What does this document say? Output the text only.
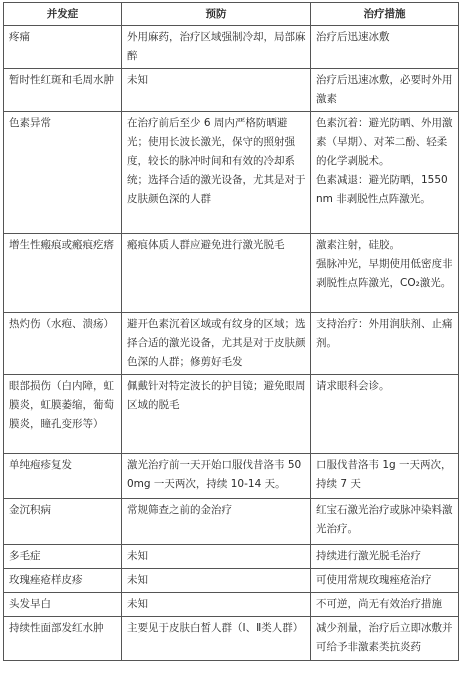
并发症	预防	治疗措施
疼痛	外用麻药，治疗区域强制冷却，局部麻醉	治疗后迅速冰敷

暂时性红斑和毛周水肿	未知	治疗后迅速冰敷，必要时外用激素

色素异常	在治疗前后至少 6 周内严格防晒避光；使用长波长激光，保守的照射强度，较长的脉冲时间和有效的冷却系统；选择合适的激光设备，尤其是对于皮肤颜色深的人群	色素沉着：避光防晒、外用激素（早期）、对苯二酚、轻柔的化学剥脱术。
色素减退：避光防晒，1550nm 非剥脱性点阵激光。

增生性瘢痕或瘢痕疙瘩	瘢痕体质人群应避免进行激光脱毛	激素注射，硅胶。
强脉冲光，早期使用低密度非剥脱性点阵激光，CO₂激光。

热灼伤（水疱、溃疡）	避开色素沉着区域或有纹身的区域；选择合适的激光设备，尤其是对于皮肤颜色深的人群；修剪好毛发	支持治疗：外用润肤剂、止痛剂。

眼部损伤（白内障，虹膜炎，虹膜萎缩，葡萄膜炎，瞳孔变形等）	佩戴针对特定波长的护目镜；避免眼周区域的脱毛	请求眼科会诊。

单纯疱疹复发	激光治疗前一天开始口服伐昔洛韦 500mg 一天两次，持续 10-14 天。	口服伐昔洛韦 1g 一天两次，持续 7 天

金沉积病	常规筛查之前的金治疗	红宝石激光治疗或脉冲染料激光治疗。

多毛症	未知	持续进行激光脱毛治疗

玫瑰痤疮样皮疹	未知	可使用常规玫瑰痤疮治疗

头发早白	未知	不可逆，尚无有效治疗措施

持续性面部发红水肿	主要见于皮肤白皙人群（Ⅰ、Ⅱ类人群）	减少剂量，治疗后立即冰敷并可给予非激素类抗炎药
